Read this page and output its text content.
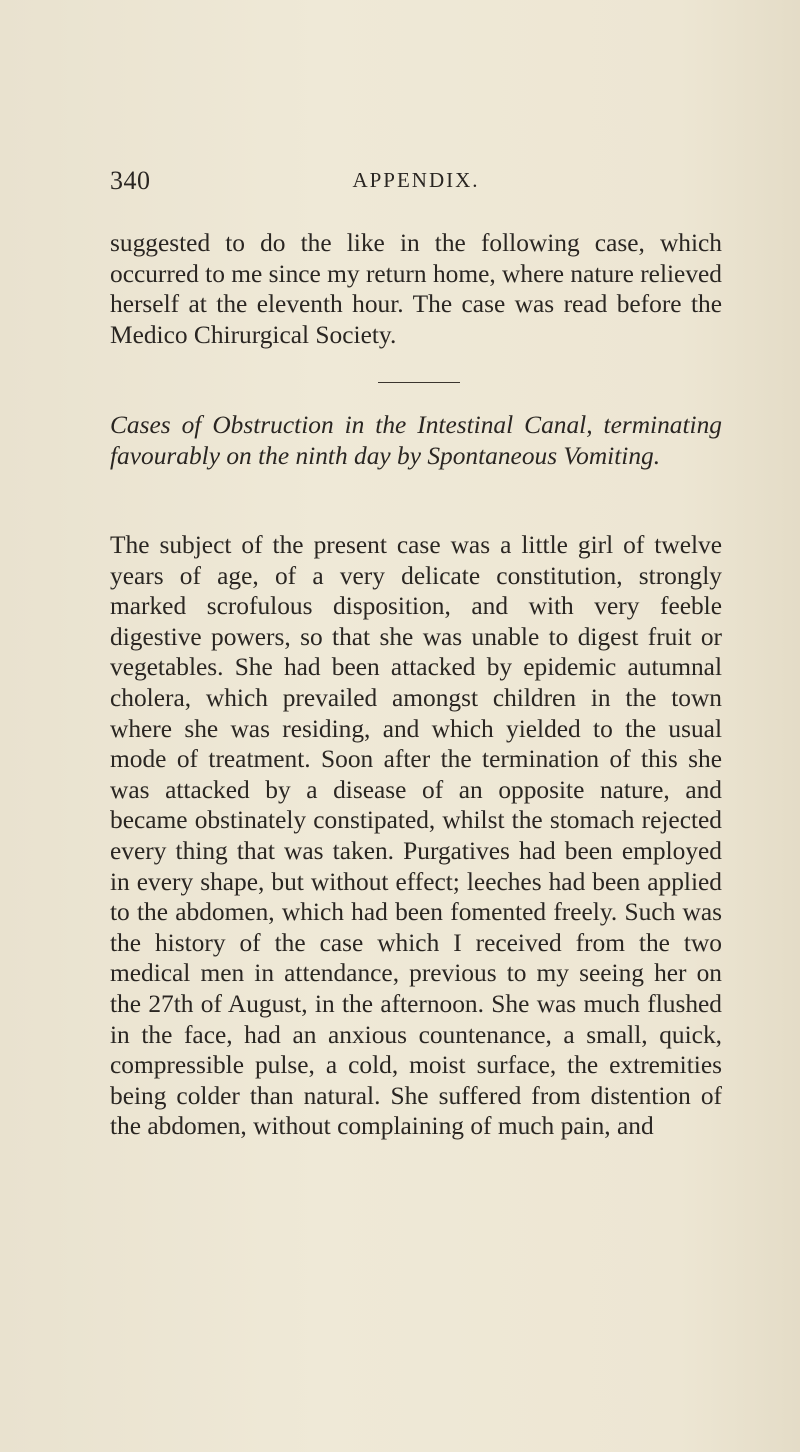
340	APPENDIX.

suggested to do the like in the following case, which occurred to me since my return home, where nature relieved herself at the eleventh hour. The case was read before the Medico Chirurgical Society.

Cases of Obstruction in the Intestinal Canal, terminating favourably on the ninth day by Spontaneous Vomiting.

The subject of the present case was a little girl of twelve years of age, of a very delicate constitution, strongly marked scrofulous disposition, and with very feeble digestive powers, so that she was unable to digest fruit or vegetables. She had been attacked by epidemic autumnal cholera, which prevailed amongst children in the town where she was residing, and which yielded to the usual mode of treatment. Soon after the termination of this she was attacked by a disease of an opposite nature, and became obstinately constipated, whilst the stomach rejected every thing that was taken. Purgatives had been employed in every shape, but without effect; leeches had been applied to the abdomen, which had been fomented freely. Such was the history of the case which I received from the two medical men in attendance, previous to my seeing her on the 27th of August, in the afternoon. She was much flushed in the face, had an anxious countenance, a small, quick, compressible pulse, a cold, moist surface, the extremities being colder than natural. She suffered from distention of the abdomen, without complaining of much pain, and
